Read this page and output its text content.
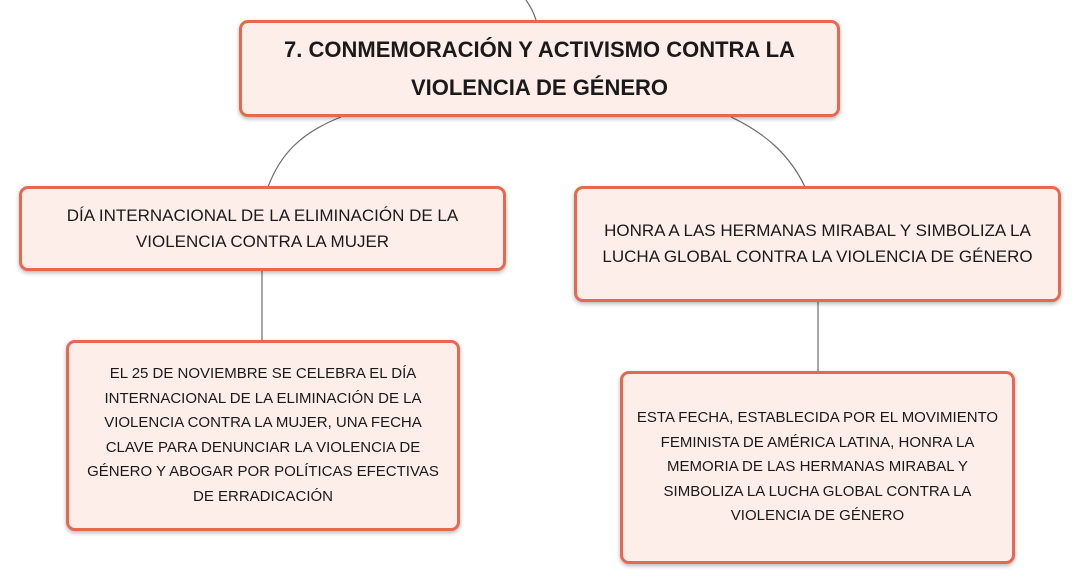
7. CONMEMORACIÓN Y ACTIVISMO CONTRA LA VIOLENCIA DE GÉNERO
DÍA INTERNACIONAL DE LA ELIMINACIÓN DE LA VIOLENCIA CONTRA LA MUJER
HONRA A LAS HERMANAS MIRABAL Y SIMBOLIZA LA LUCHA GLOBAL CONTRA LA VIOLENCIA DE GÉNERO
EL 25 DE NOVIEMBRE SE CELEBRA EL DÍA INTERNACIONAL DE LA ELIMINACIÓN DE LA VIOLENCIA CONTRA LA MUJER, UNA FECHA CLAVE PARA DENUNCIAR LA VIOLENCIA DE GÉNERO Y ABOGAR POR POLÍTICAS EFECTIVAS DE ERRADICACIÓN
ESTA FECHA, ESTABLECIDA POR EL MOVIMIENTO FEMINISTA DE AMÉRICA LATINA, HONRA LA MEMORIA DE LAS HERMANAS MIRABAL Y SIMBOLIZA LA LUCHA GLOBAL CONTRA LA VIOLENCIA DE GÉNERO
